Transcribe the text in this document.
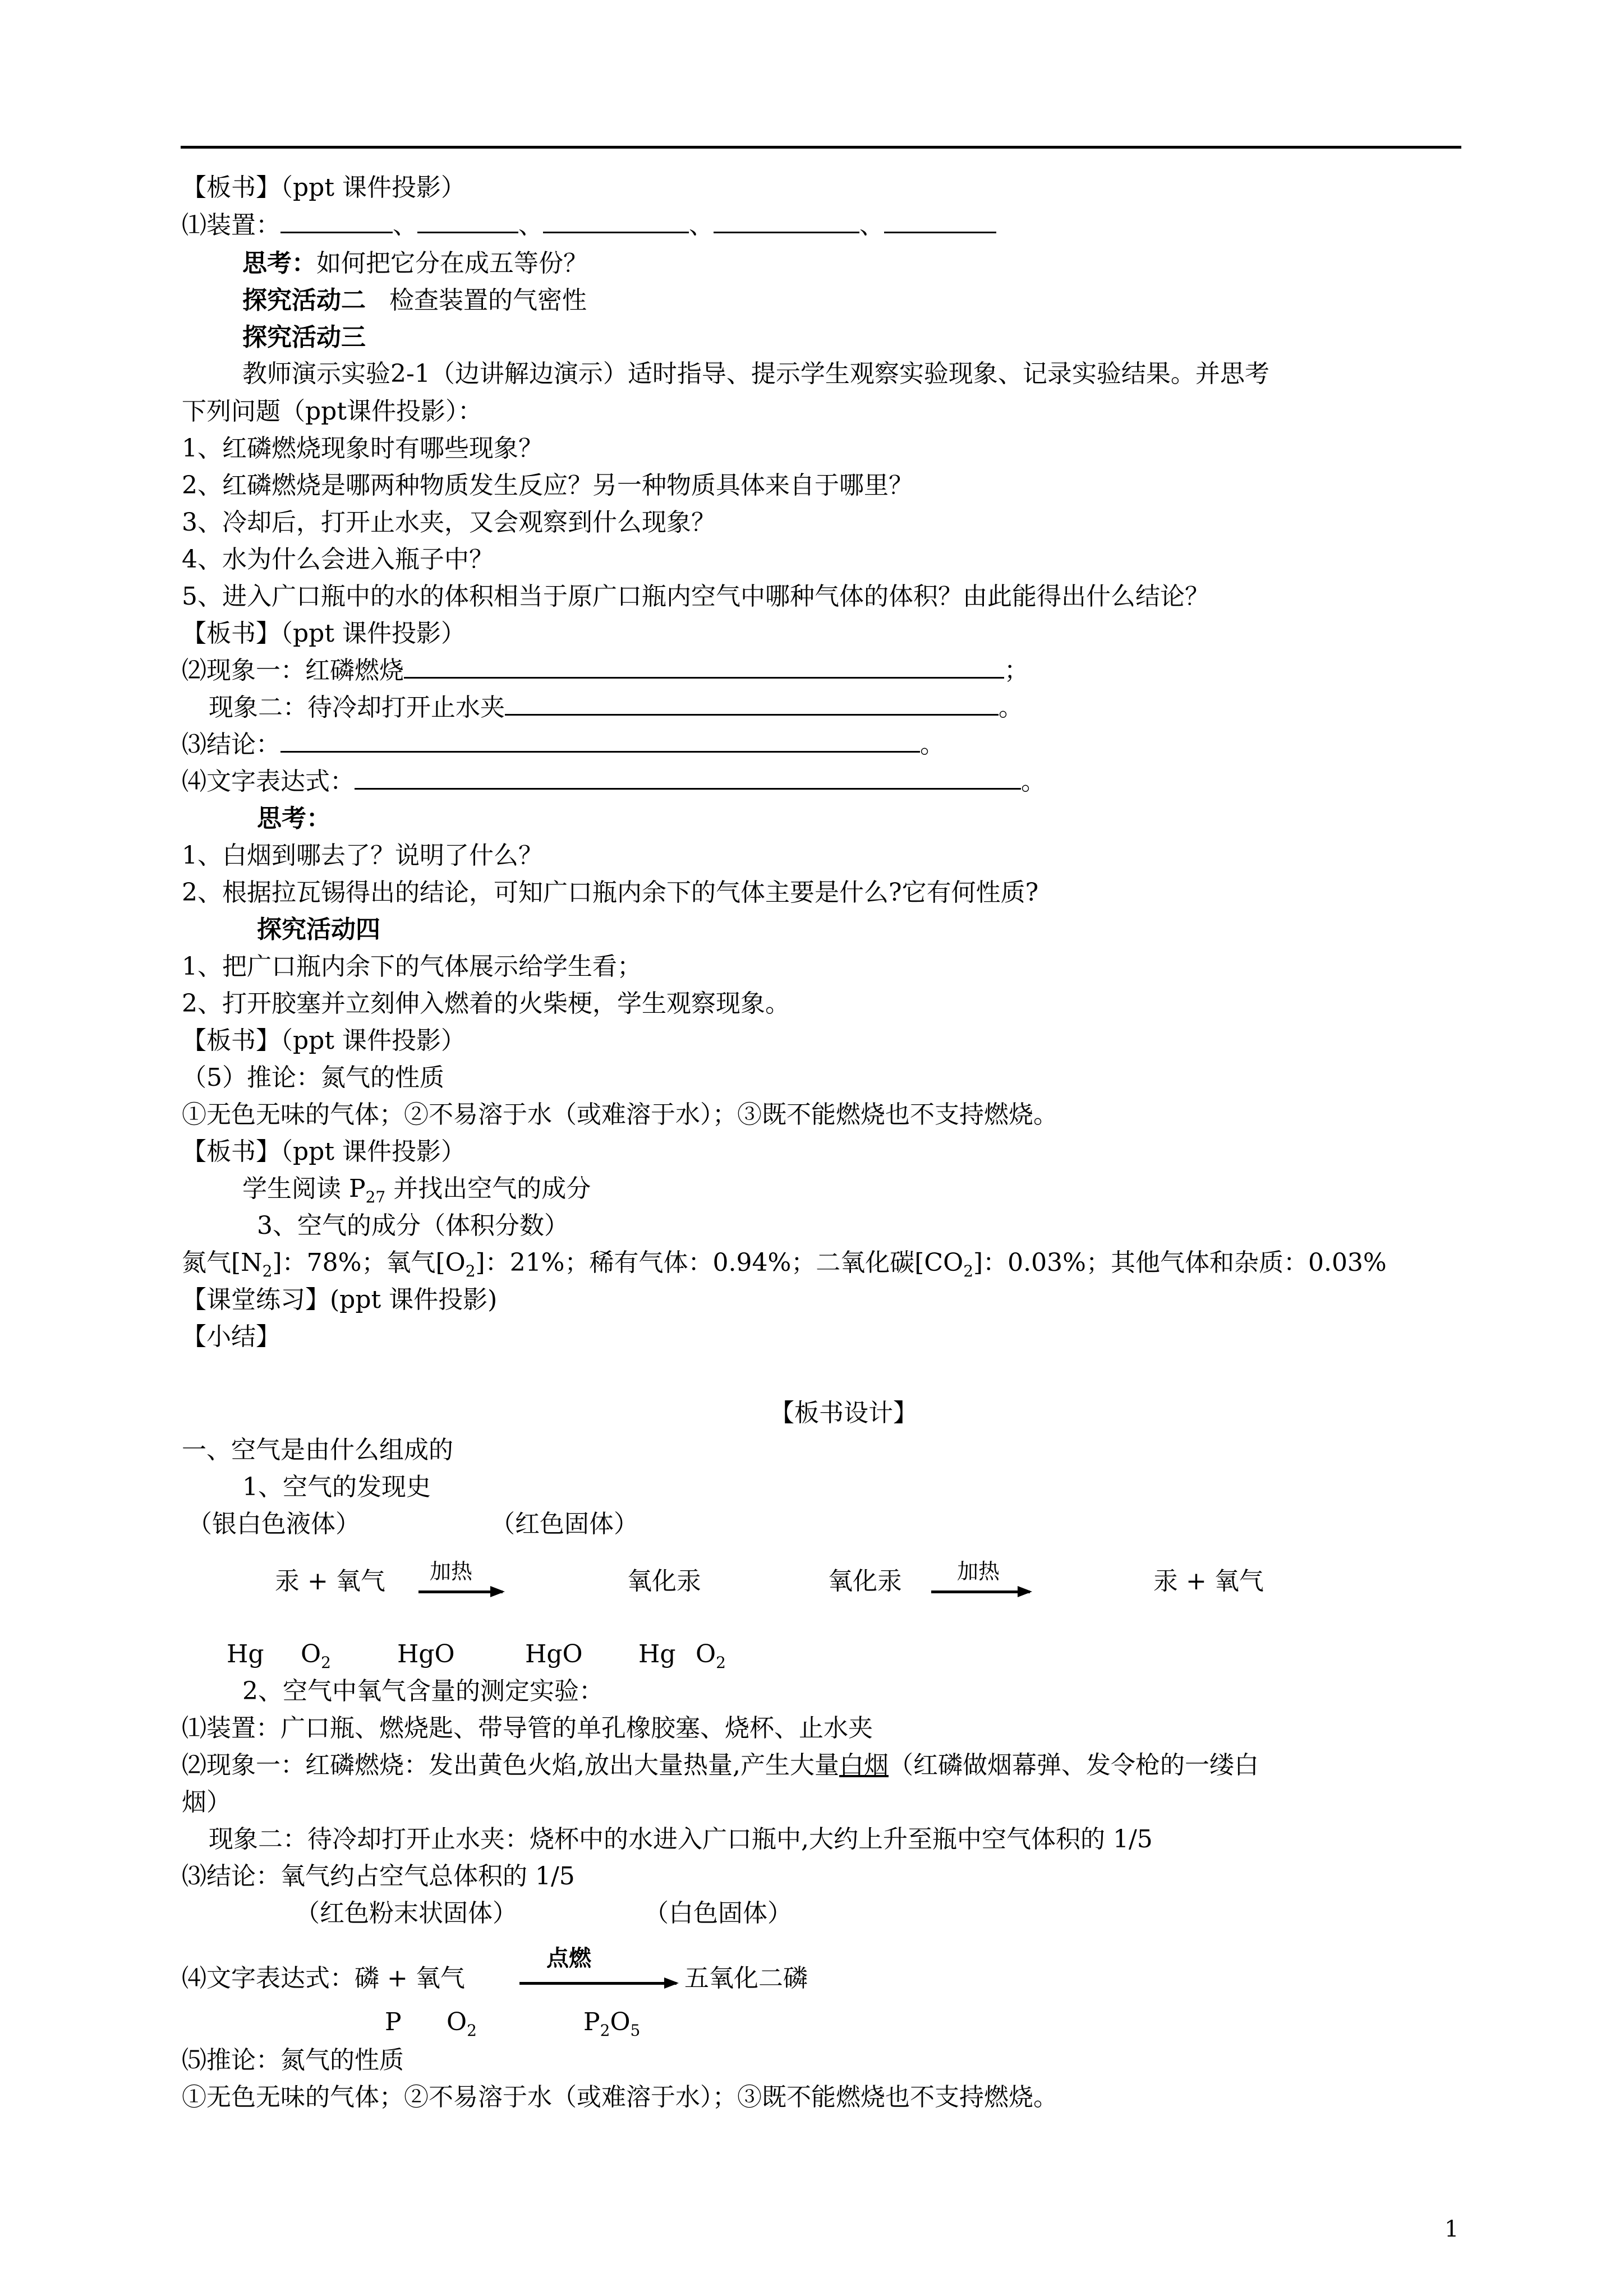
【板书】（ppt 课件投影）
⑴装置：	、	、	、	、
思考：如何把它分在成五等份？
探究活动二 检查装置的气密性
探究活动三
教师演示实验2-1（边讲解边演示）适时指导、提示学生观察实验现象、记录实验结果。并思考
下列问题（ppt课件投影）：
1、红磷燃烧现象时有哪些现象？
2、红磷燃烧是哪两种物质发生反应？另一种物质具体来自于哪里？
3、冷却后，打开止水夹，又会观察到什么现象？
4、水为什么会进入瓶子中？
5、进入广口瓶中的水的体积相当于原广口瓶内空气中哪种气体的体积？由此能得出什么结论？
【板书】（ppt 课件投影）
⑵现象一：红磷燃烧	；
现象二：待冷却打开止水夹	。
⑶结论：	。
⑷文字表达式：	。
思考：
1、白烟到哪去了？说明了什么？
2、根据拉瓦锡得出的结论，可知广口瓶内余下的气体主要是什么?它有何性质?
探究活动四
1、把广口瓶内余下的气体展示给学生看；
2、打开胶塞并立刻伸入燃着的火柴梗，学生观察现象。
【板书】（ppt 课件投影）
（5）推论：氮气的性质
①无色无味的气体；②不易溶于水（或难溶于水）；③既不能燃烧也不支持燃烧。
【板书】（ppt 课件投影）
学生阅读 $P_{27}$ 并找出空气的成分
3、空气的成分（体积分数）
氮气$[N_2]$：78%；氧气$[O_2]$：21%；稀有气体：0.94%；二氧化碳$[CO_2]$：0.03%；其他气体和杂质：0.03%
【课堂练习】(ppt 课件投影)
【小结】
【板书设计】
一、空气是由什么组成的
1、空气的发现史
（银白色液体）	（红色固体）
汞 + 氧气 加热	氧化汞	氧化汞	加热	汞 + 氧气
Hg $O_2$	HgO	HgO Hg $O_2$
2、空气中氧气含量的测定实验：
⑴装置：广口瓶、燃烧匙、带导管的单孔橡胶塞、烧杯、止水夹
⑵现象一：红磷燃烧：发出黄色火焰,放出大量热量,产生大量白烟（红磷做烟幕弹、发令枪的一缕白
烟）
现象二：待冷却打开止水夹：烧杯中的水进入广口瓶中,大约上升至瓶中空气体积的 1/5
⑶结论：氧气约占空气总体积的 1/5
（红色粉末状固体）	（白色固体）
⑷文字表达式：磷 + 氧气
点燃
五氧化二磷
P $O_2$	$P_2O_5$
⑸推论：氮气的性质
①无色无味的气体；②不易溶于水（或难溶于水）；③既不能燃烧也不支持燃烧。
1
